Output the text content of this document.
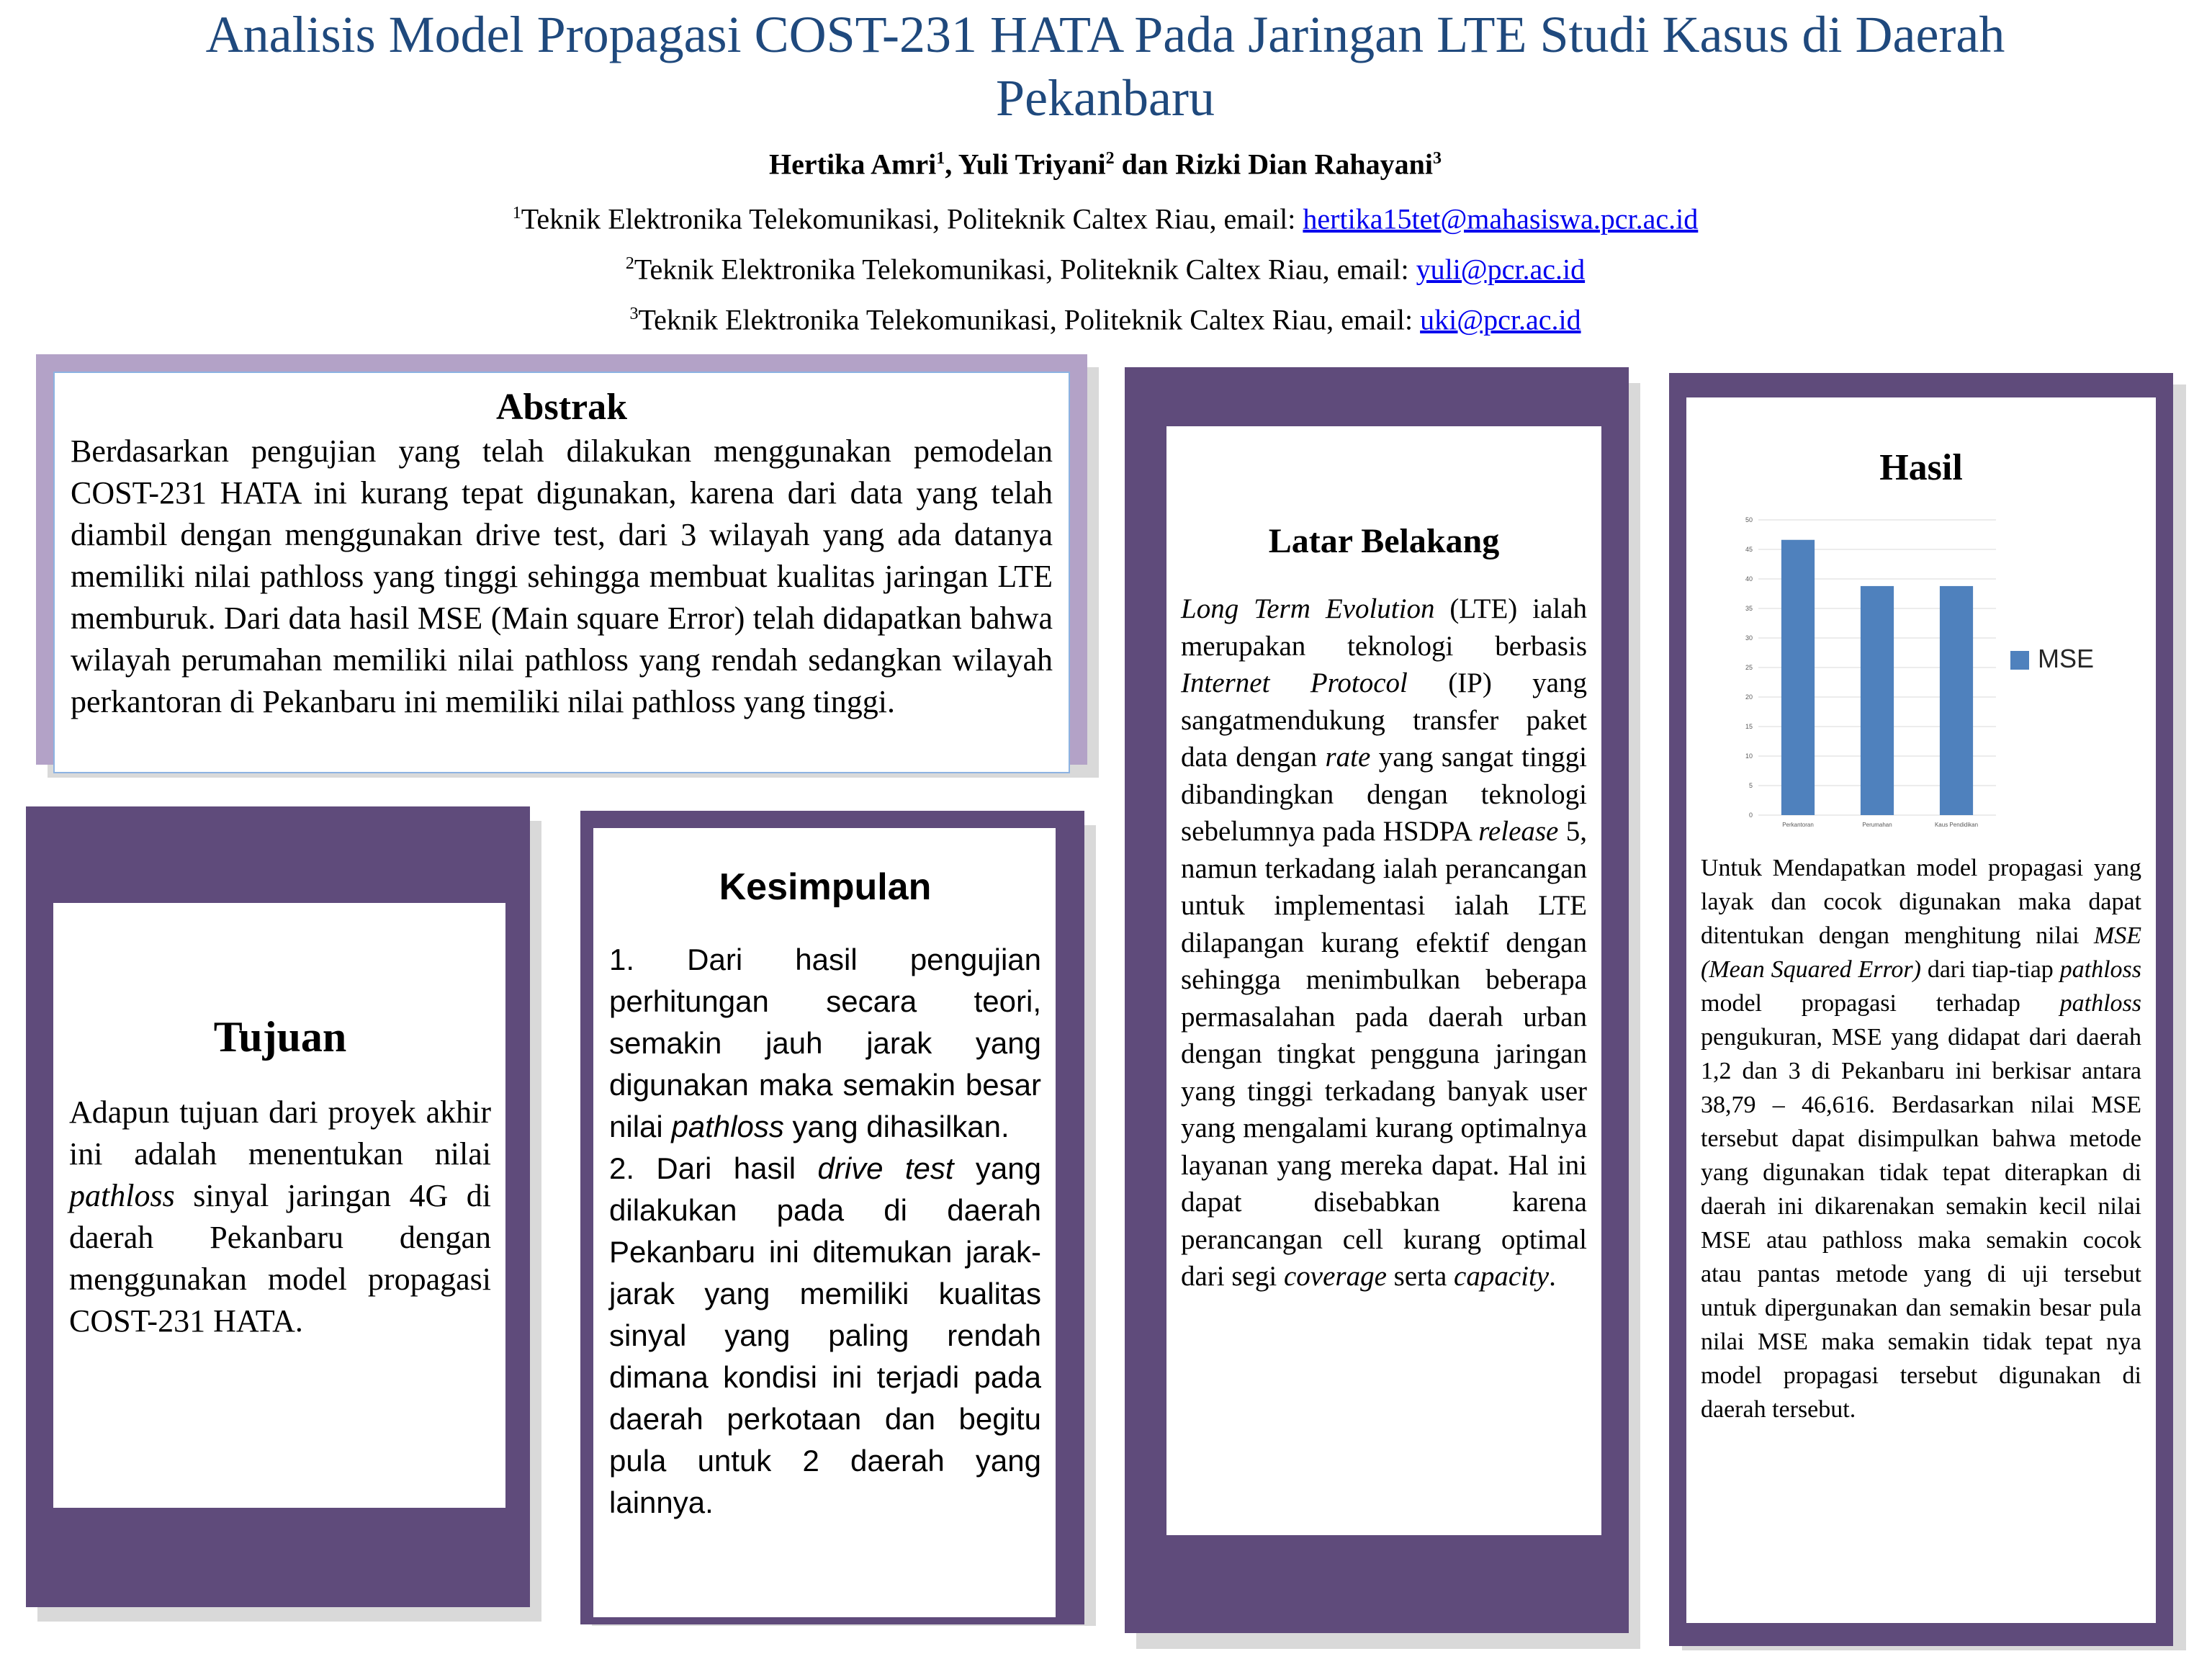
Analisis Model Propagasi COST-231 HATA Pada Jaringan LTE Studi Kasus di Daerah Pekanbaru
Hertika Amri$^1$, Yuli Triyani$^2$ dan Rizki Dian Rahayani$^3$
$^1$Teknik Elektronika Telekomunikasi, Politeknik Caltex Riau, email: hertika15tet@mahasiswa.pcr.ac.id
$^2$Teknik Elektronika Telekomunikasi, Politeknik Caltex Riau, email: yuli@pcr.ac.id
$^3$Teknik Elektronika Telekomunikasi, Politeknik Caltex Riau, email: uki@pcr.ac.id
Abstrak

Berdasarkan pengujian yang telah dilakukan menggunakan pemodelan COST-231 HATA ini kurang tepat digunakan, karena dari data yang telah diambil dengan menggunakan drive test, dari 3 wilayah yang ada datanya memiliki nilai pathloss yang tinggi sehingga membuat kualitas jaringan LTE memburuk. Dari data hasil MSE (Main square Error) telah didapatkan bahwa wilayah perumahan memiliki nilai pathloss yang rendah sedangkan wilayah perkantoran di Pekanbaru ini memiliki nilai pathloss yang tinggi.

Tujuan

Adapun tujuan dari proyek akhir ini adalah menentukan nilai pathloss sinyal jaringan 4G di daerah Pekanbaru dengan menggunakan model propagasi COST-231 HATA.

Kesimpulan

1. Dari hasil pengujian perhitungan secara teori, semakin jauh jarak yang digunakan maka semakin besar nilai pathloss yang dihasilkan.

2. Dari hasil drive test yang dilakukan pada di daerah Pekanbaru ini ditemukan jarak-jarak yang memiliki kualitas sinyal yang paling rendah dimana kondisi ini terjadi pada daerah perkotaan dan begitu pula untuk 2 daerah yang lainnya.

Latar Belakang

Long Term Evolution (LTE) ialah merupakan teknologi berbasis Internet Protocol (IP) yang sangatmendukung transfer paket data dengan rate yang sangat tinggi dibandingkan dengan teknologi sebelumnya pada HSDPA release 5, namun terkadang ialah perancangan untuk implementasi ialah LTE dilapangan kurang efektif dengan sehingga menimbulkan beberapa permasalahan pada daerah urban dengan tingkat pengguna jaringan yang tinggi terkadang banyak user yang mengalami kurang optimalnya layanan yang mereka dapat. Hal ini dapat disebabkan karena perancangan cell kurang optimal dari segi coverage serta capacity.

Hasil
0
5
10
15
20
25
30
35
40
45
50
Perkantoran	Perumahan	Kaus Pendidikan
MSE

Untuk Mendapatkan model propagasi yang layak dan cocok digunakan maka dapat ditentukan dengan menghitung nilai MSE (Mean Squared Error) dari tiap-tiap pathloss model propagasi terhadap pathloss pengukuran, MSE yang didapat dari daerah 1,2 dan 3 di Pekanbaru ini berkisar antara 38,79 – 46,616. Berdasarkan nilai MSE tersebut dapat disimpulkan bahwa metode yang digunakan tidak tepat diterapkan di daerah ini dikarenakan semakin kecil nilai MSE atau pathloss maka semakin cocok atau pantas metode yang di uji tersebut untuk dipergunakan dan semakin besar pula nilai MSE maka semakin tidak tepat nya model propagasi tersebut digunakan di daerah tersebut.
